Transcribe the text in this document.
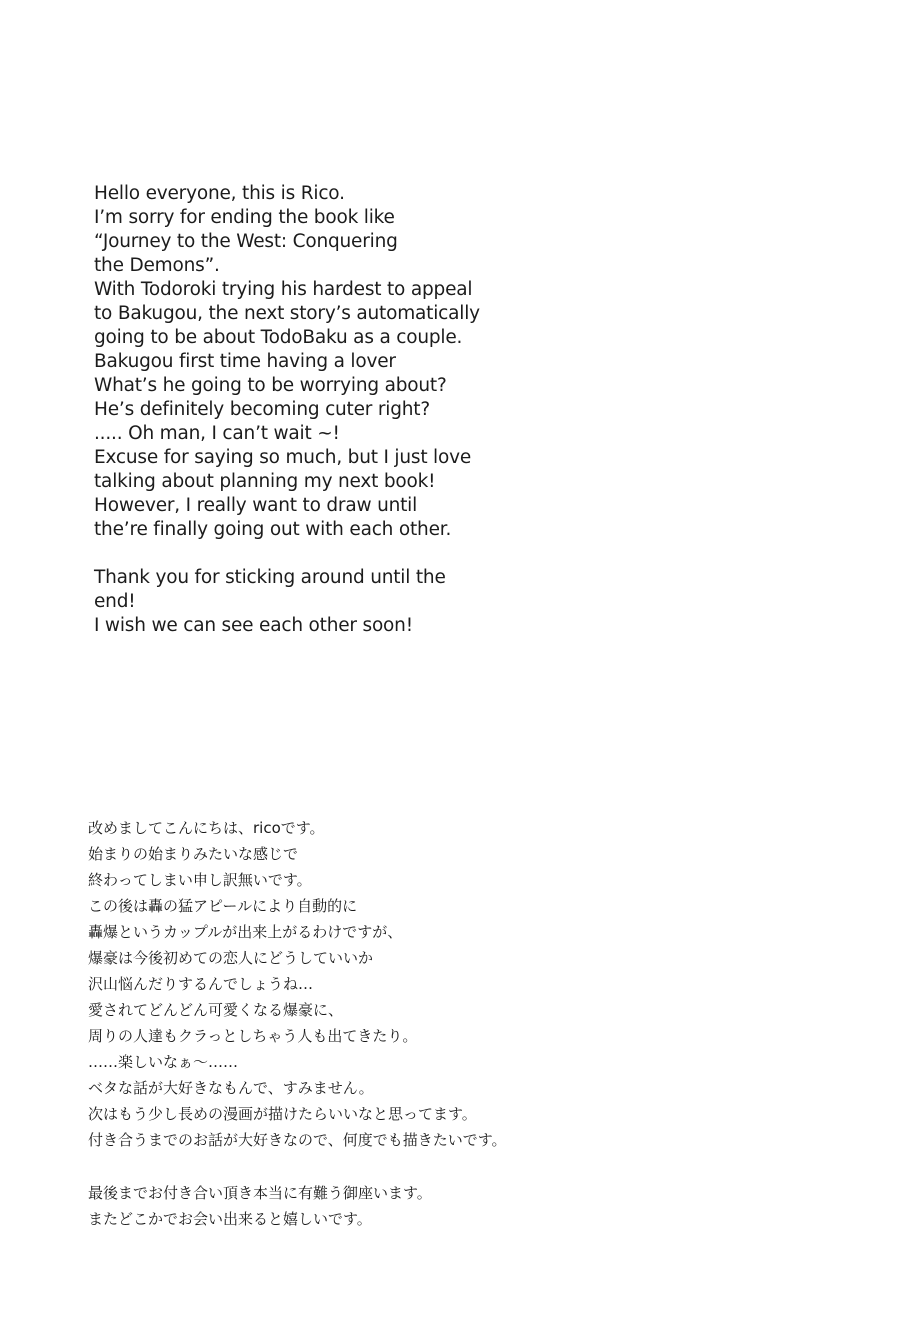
Hello everyone, this is Rico.
I’m sorry for ending the book like
“Journey to the West: Conquering
the Demons”.
With Todoroki trying his hardest to appeal
to Bakugou, the next story’s automatically
going to be about TodoBaku as a couple.
Bakugou first time having a lover
What’s he going to be worrying about?
He’s definitely becoming cuter right?
..... Oh man, I can’t wait ~!
Excuse for saying so much, but I just love
talking about planning my next book!
However, I really want to draw until
the’re finally going out with each other.
Thank you for sticking around until the
end!
I wish we can see each other soon!
改めましてこんにちは、ricoです。
始まりの始まりみたいな感じで
終わってしまい申し訳無いです。
この後は轟の猛アピールにより自動的に
轟爆というカップルが出来上がるわけですが、
爆豪は今後初めての恋人にどうしていいか
沢山悩んだりするんでしょうね…
愛されてどんどん可愛くなる爆豪に、
周りの人達もクラっとしちゃう人も出てきたり。
……楽しいなぁ〜……
ベタな話が大好きなもんで、すみません。
次はもう少し長めの漫画が描けたらいいなと思ってます。
付き合うまでのお話が大好きなので、何度でも描きたいです。
最後までお付き合い頂き本当に有難う御座います。
またどこかでお会い出来ると嬉しいです。
